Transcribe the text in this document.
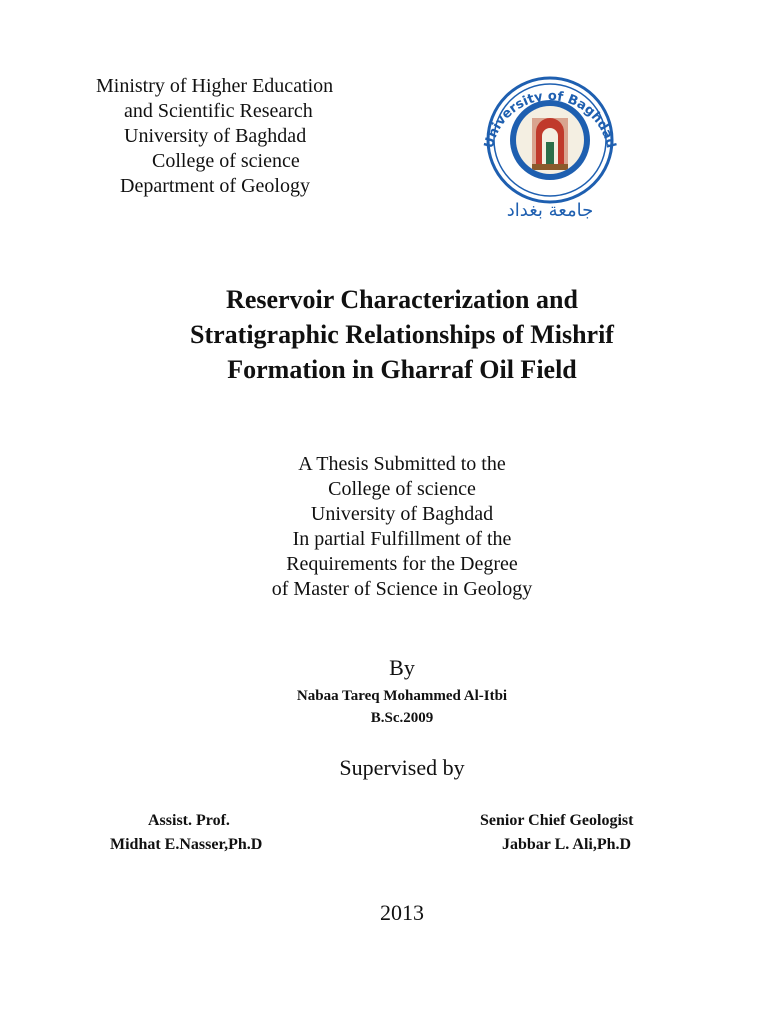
Ministry of Higher Education
and Scientific Research
University of Baghdad
College of science
Department of Geology
University of Baghdad
جامعة بغداد
Reservoir Characterization and
Stratigraphic Relationships of Mishrif
Formation in Gharraf Oil Field
A Thesis Submitted to the
College of science
University of Baghdad
In partial Fulfillment of the
Requirements for the Degree
of Master of Science in Geology
By
Nabaa Tareq Mohammed Al-Itbi
B.Sc.2009
Supervised by
Assist. Prof.
Midhat E.Nasser,Ph.D
Senior Chief Geologist
Jabbar L. Ali,Ph.D
2013
